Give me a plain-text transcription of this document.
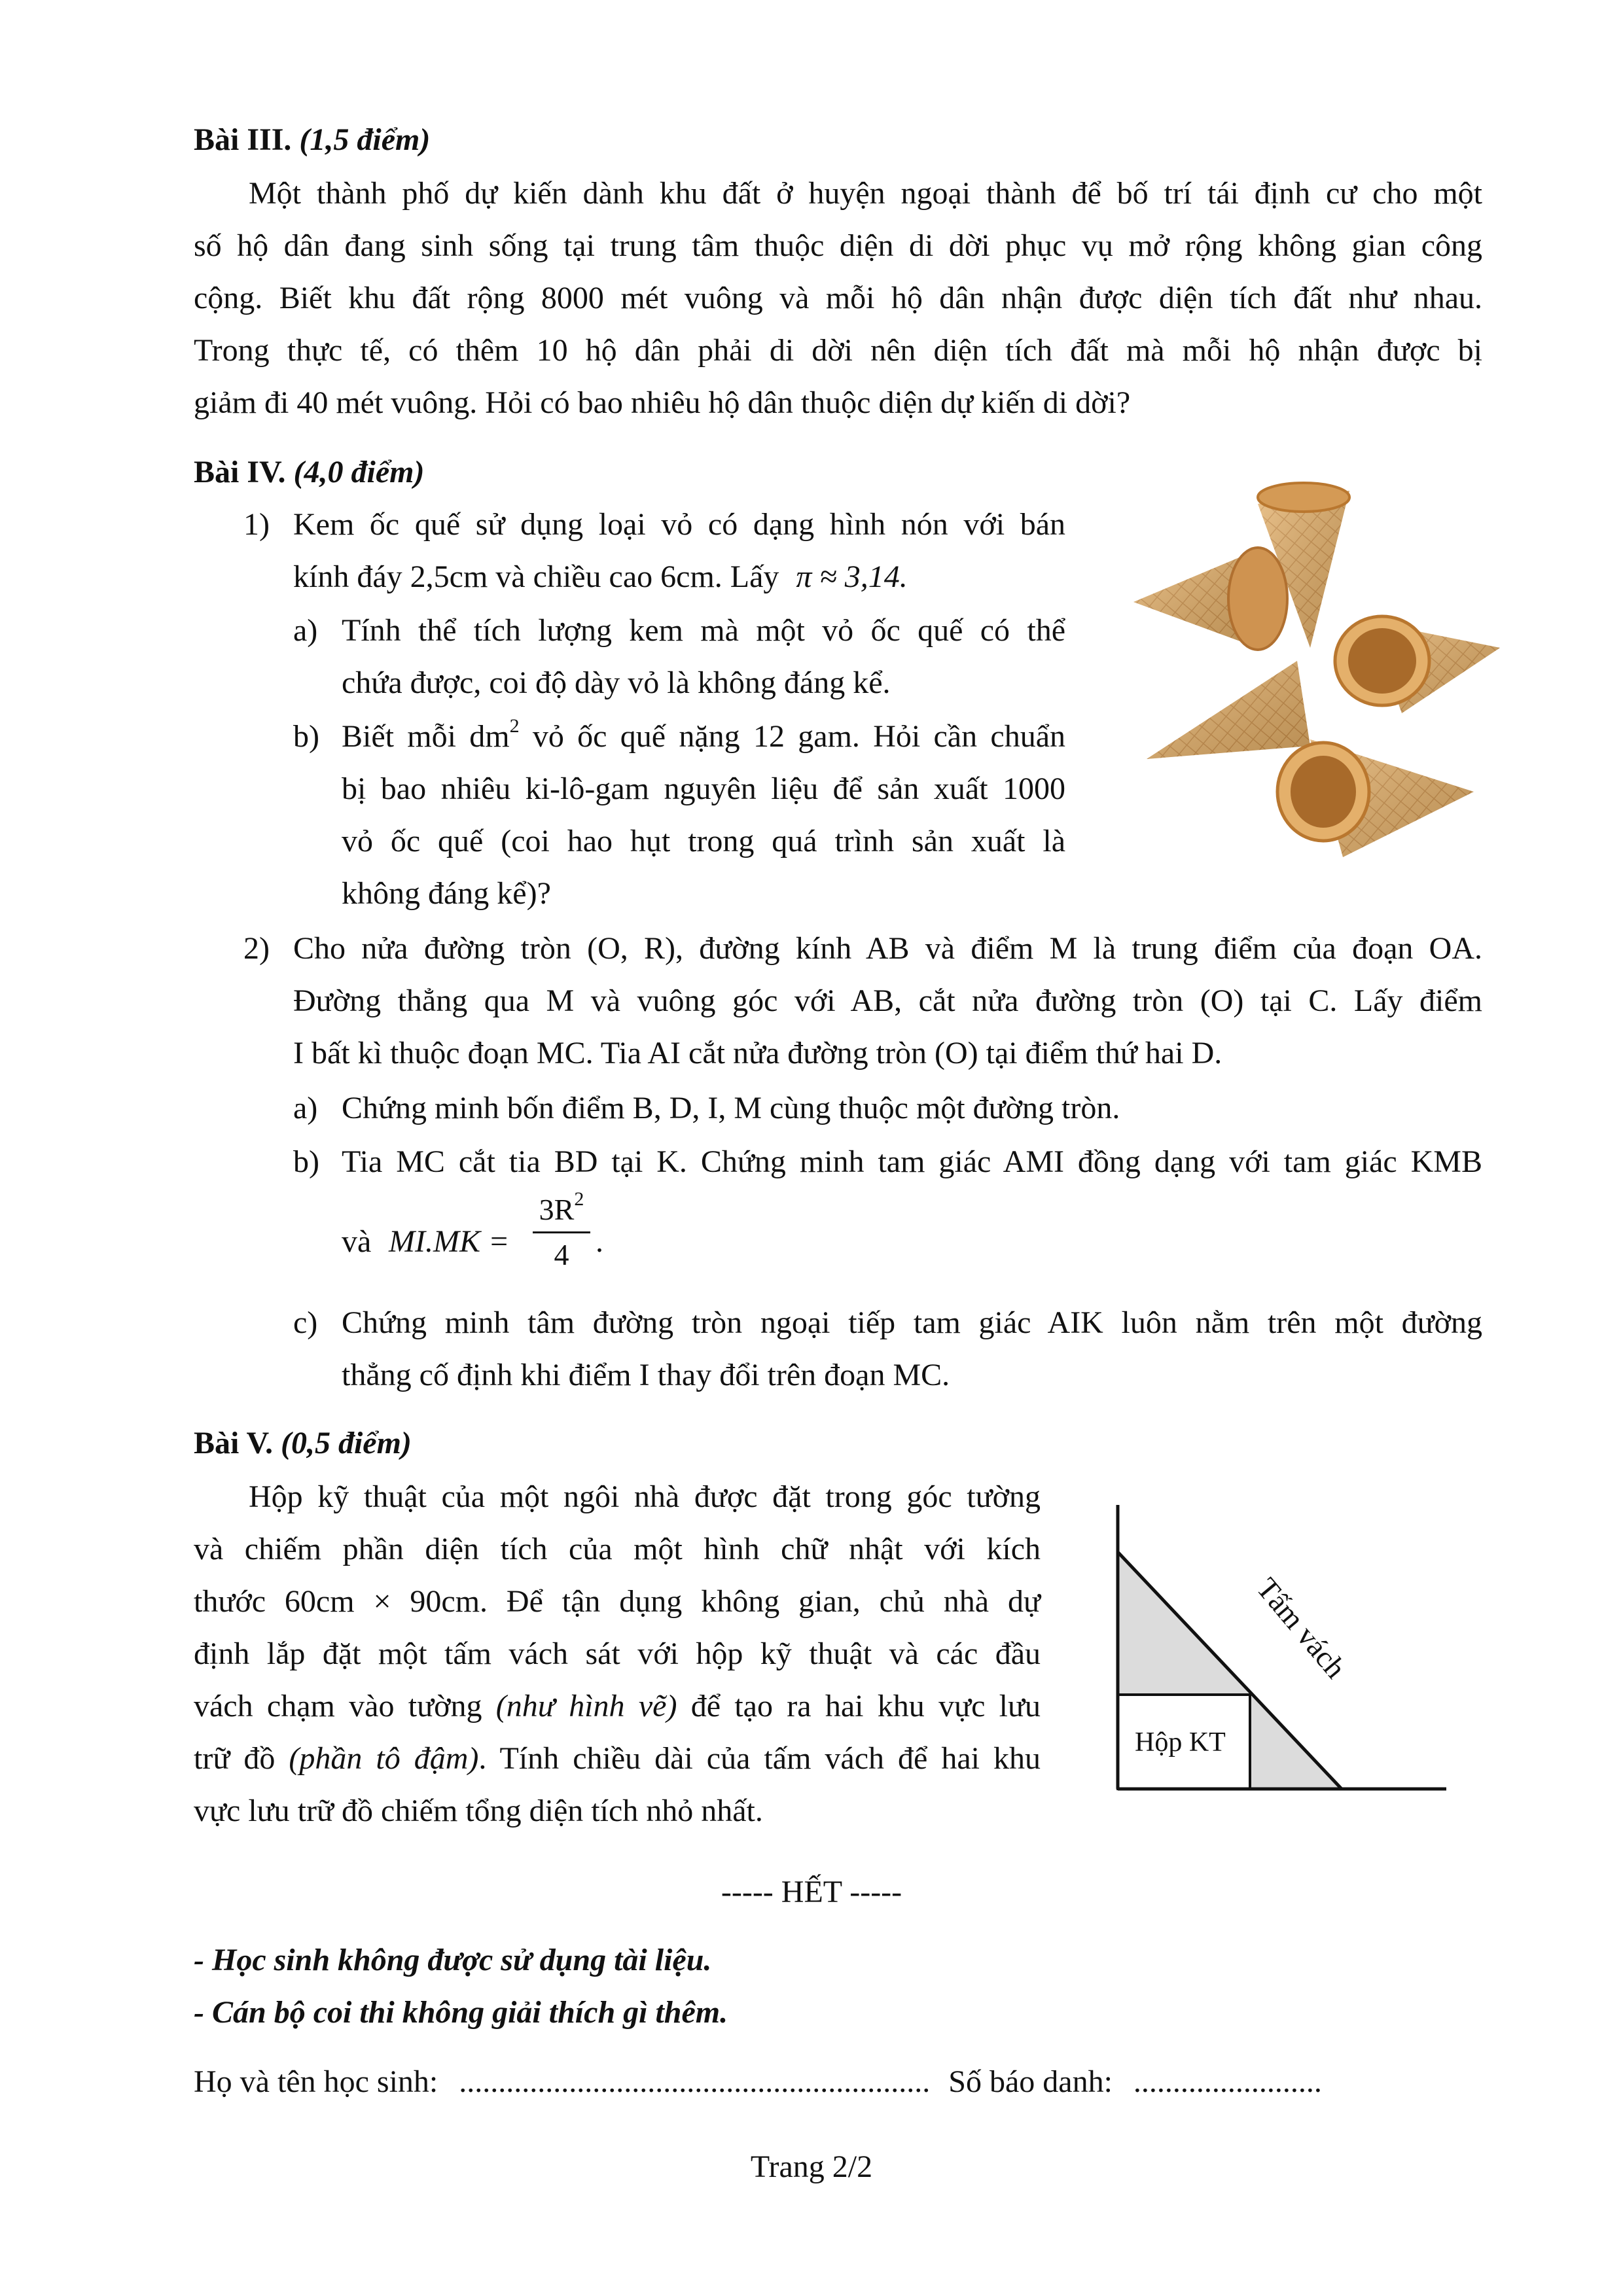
Bài III. (1,5 điểm)
Một thành phố dự kiến dành khu đất ở huyện ngoại thành để bố trí tái định cư cho một
số hộ dân đang sinh sống tại trung tâm thuộc diện di dời phục vụ mở rộng không gian công
cộng. Biết khu đất rộng 8000 mét vuông và mỗi hộ dân nhận được diện tích đất như nhau.
Trong thực tế, có thêm 10 hộ dân phải di dời nên diện tích đất mà mỗi hộ nhận được bị
giảm đi 40 mét vuông. Hỏi có bao nhiêu hộ dân thuộc diện dự kiến di dời?
Bài IV. (4,0 điểm)
1) Kem ốc quế sử dụng loại vỏ có dạng hình nón với bán
kính đáy 2,5cm và chiều cao 6cm. Lấy π ≈ 3,14.
a) Tính thể tích lượng kem mà một vỏ ốc quế có thể
chứa được, coi độ dày vỏ là không đáng kể.
b) Biết mỗi $dm^2$ vỏ ốc quế nặng 12 gam. Hỏi cần chuẩn
bị bao nhiêu ki-lô-gam nguyên liệu để sản xuất 1000
vỏ ốc quế (coi hao hụt trong quá trình sản xuất là
không đáng kể)?
2) Cho nửa đường tròn (O, R), đường kính AB và điểm M là trung điểm của đoạn OA.
Đường thẳng qua M và vuông góc với AB, cắt nửa đường tròn (O) tại C. Lấy điểm
I bất kì thuộc đoạn MC. Tia AI cắt nửa đường tròn (O) tại điểm thứ hai D.
a) Chứng minh bốn điểm B, D, I, M cùng thuộc một đường tròn.
b) Tia MC cắt tia BD tại K. Chứng minh tam giác AMI đồng dạng với tam giác KMB
và MI.MK =
$3R^2$
4 .
c) Chứng minh tâm đường tròn ngoại tiếp tam giác AIK luôn nằm trên một đường
thẳng cố định khi điểm I thay đổi trên đoạn MC.
Bài V. (0,5 điểm)
Hộp kỹ thuật của một ngôi nhà được đặt trong góc tường
và chiếm phần diện tích của một hình chữ nhật với kích
thước 60cm × 90cm. Để tận dụng không gian, chủ nhà dự
định lắp đặt một tấm vách sát với hộp kỹ thuật và các đầu
vách chạm vào tường (như hình vẽ) để tạo ra hai khu vực lưu
trữ đồ (phần tô đậm). Tính chiều dài của tấm vách để hai khu
vực lưu trữ đồ chiếm tổng diện tích nhỏ nhất.
Hộp KT
Tấm vách
----- HẾT -----
- Học sinh không được sử dụng tài liệu.
- Cán bộ coi thi không giải thích gì thêm.
Họ và tên học sinh: ............................................................ Số báo danh: ........................
Trang 2/2
